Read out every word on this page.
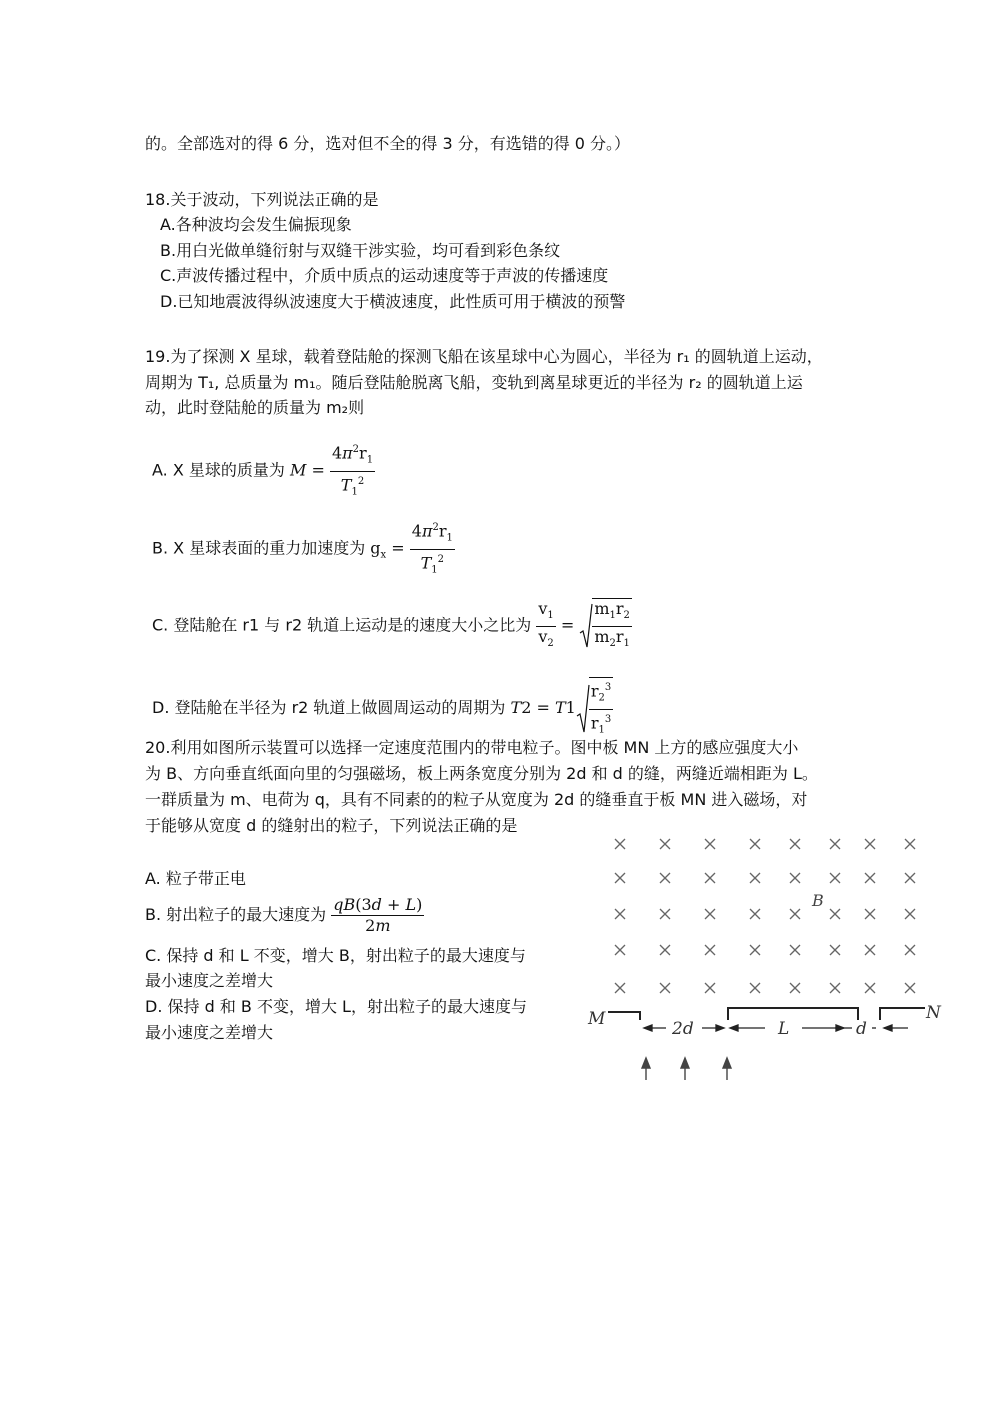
的。全部选对的得 6 分，选对但不全的得 3 分，有选错的得 0 分。）
18.关于波动，下列说法正确的是
A.各种波均会发生偏振现象
B.用白光做单缝衍射与双缝干涉实验，均可看到彩色条纹
C.声波传播过程中，介质中质点的运动速度等于声波的传播速度
D.已知地震波得纵波速度大于横波速度，此性质可用于横波的预警
19.为了探测 X 星球，载着登陆舱的探测飞船在该星球中心为圆心，半径为 r₁ 的圆轨道上运动，
周期为 T₁, 总质量为 m₁。随后登陆舱脱离飞船，变轨到离星球更近的半径为 r₂ 的圆轨道上运
动，此时登陆舱的质量为 m₂则
A. X 星球的质量为 $M = \frac{4\pi^2r_1}{T_1^2}$
B. X 星球表面的重力加速度为 $g_x = \frac{4\pi^2r_1}{T_1^2}$
C. 登陆舱在 r1 与 r2 轨道上运动是的速度大小之比为 $\frac{v_1}{v_2} = \frac{m_1r_2}{m_2r_1}$
D. 登陆舱在半径为 r2 轨道上做圆周运动的周期为 $T2 = T1 \frac{r_2^3}{r_1^3}$
20.利用如图所示装置可以选择一定速度范围内的带电粒子。图中板 MN 上方的感应强度大小
为 B、方向垂直纸面向里的匀强磁场，板上两条宽度分别为 2d 和 d 的缝，两缝近端相距为 L。
一群质量为 m、电荷为 q，具有不同素的的粒子从宽度为 2d 的缝垂直于板 MN 进入磁场，对
于能够从宽度 d 的缝射出的粒子，下列说法正确的是
A. 粒子带正电
B. 射出粒子的最大速度为 $\frac{qB(3d + L)}{2m}$
C. 保持 d 和 L 不变，增大 B，射出粒子的最大速度与
最小速度之差增大
D. 保持 d 和 B 不变，增大 L，射出粒子的最大速度与
最小速度之差增大
B
M	N
2d	L	d
